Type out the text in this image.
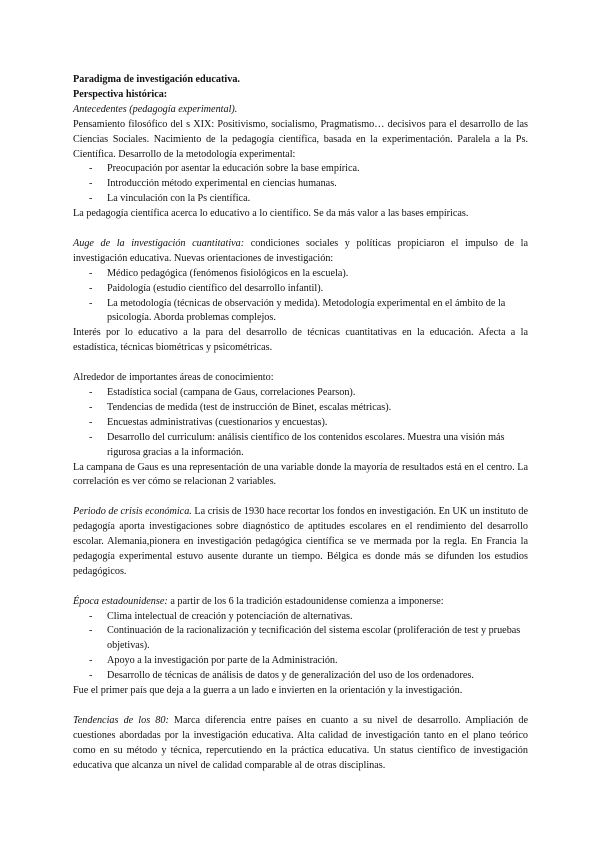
Paradigma de investigación educativa.

Perspectiva histórica:

Antecedentes (pedagogía experimental).

Pensamiento filosófico del s XIX: Positivismo, socialismo, Pragmatismo… decisivos para el desarrollo de las Ciencias Sociales. Nacimiento de la pedagogía científica, basada en la experimentación. Paralela a la Ps. Científica. Desarrollo de la metodología experimental:

- Preocupación por asentar la educación sobre la base empírica.
- Introducción método experimental en ciencias humanas.
- La vinculación con la Ps científica.

La pedagogía científica acerca lo educativo a lo científico. Se da más valor a las bases empíricas.

Auge de la investigación cuantitativa: condiciones sociales y políticas propiciaron el impulso de la investigación educativa. Nuevas orientaciones de investigación:

- Médico pedagógica (fenómenos fisiológicos en la escuela).
- Paidología (estudio científico del desarrollo infantil).
- La metodología (técnicas de observación y medida). Metodología experimental en el ámbito de la psicología. Aborda problemas complejos.

Interés por lo educativo a la para del desarrollo de técnicas cuantitativas en la educación. Afecta a la estadística, técnicas biométricas y psicométricas.

Alrededor de importantes áreas de conocimiento:

- Estadística social (campana de Gaus, correlaciones Pearson).
- Tendencias de medida (test de instrucción de Binet, escalas métricas).
- Encuestas administrativas (cuestionarios y encuestas).
- Desarrollo del curriculum: análisis científico de los contenidos escolares. Muestra una visión más rigurosa gracias a la información.

La campana de Gaus es una representación de una variable donde la mayoría de resultados está en el centro. La correlación es ver cómo se relacionan 2 variables.

Periodo de crisis económica. La crisis de 1930 hace recortar los fondos en investigación. En UK un instituto de pedagogía aporta investigaciones sobre diagnóstico de aptitudes escolares en el rendimiento del desarrollo escolar. Alemania,pionera en investigación pedagógica científica se ve mermada por la regla. En Francia la pedagogía experimental estuvo ausente durante un tiempo. Bélgica es donde más se difunden los estudios pedagógicos.

Época estadounidense: a partir de los 6 la tradición estadounidense comienza a imponerse:

- Clima intelectual de creación y potenciación de alternativas.
- Continuación de la racionalización y tecnificación del sistema escolar (proliferación de test y pruebas objetivas).
- Apoyo a la investigación por parte de la Administración.
- Desarrollo de técnicas de análisis de datos y de generalización del uso de los ordenadores.

Fue el primer país que deja a la guerra a un lado e invierten en la orientación y la investigación.

Tendencias de los 80: Marca diferencia entre países en cuanto a su nivel de desarrollo. Ampliación de cuestiones abordadas por la investigación educativa. Alta calidad de investigación tanto en el plano teórico como en su método y técnica, repercutiendo en la práctica educativa. Un status científico de investigación educativa que alcanza un nivel de calidad comparable al de otras disciplinas.
